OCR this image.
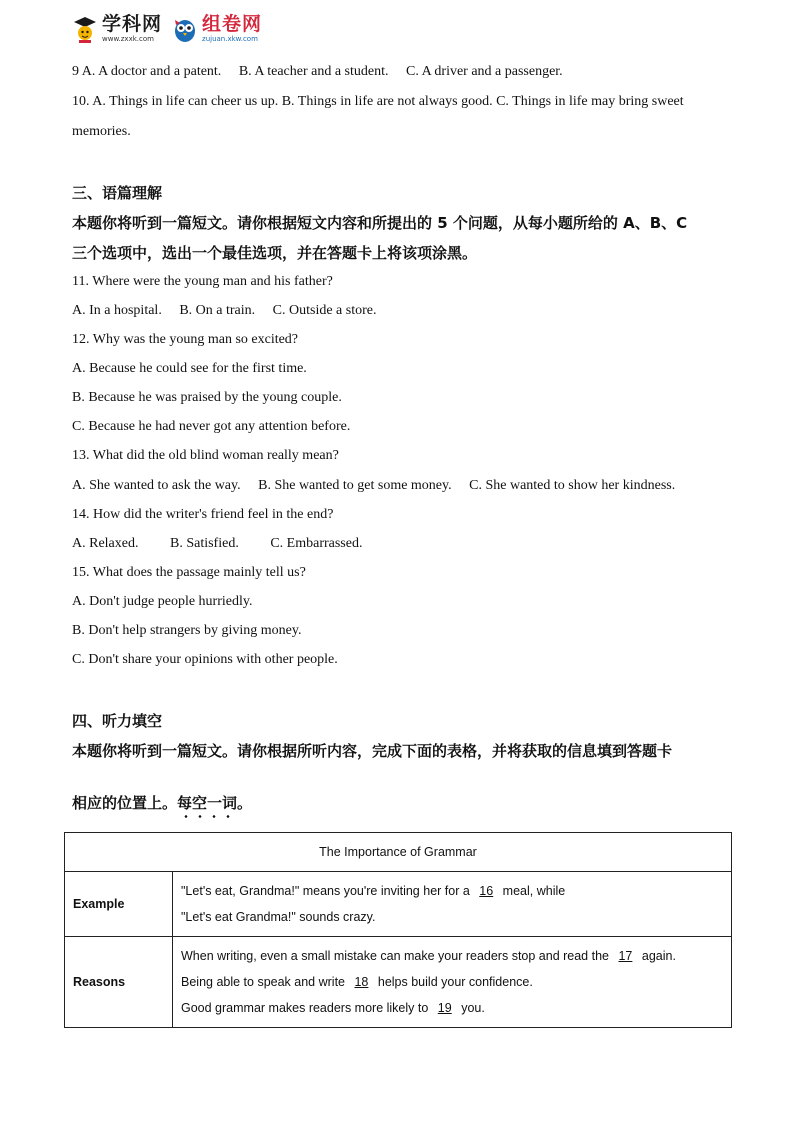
学科网
www.zxxk.com
组卷网
zujuan.xkw.com
9 A. A doctor and a patent. B. A teacher and a student. C. A driver and a passenger.
10. A. Things in life can cheer us up. B. Things in life are not always good. C. Things in life may bring sweet
memories.
三、语篇理解
本题你将听到一篇短文。请你根据短文内容和所提出的 5 个问题，从每小题所给的 A、B、C
三个选项中，选出一个最佳选项，并在答题卡上将该项涂黑。
11. Where were the young man and his father?
A. In a hospital. B. On a train. C. Outside a store.
12. Why was the young man so excited?
A. Because he could see for the first time.
B. Because he was praised by the young couple.
C. Because he had never got any attention before.
13. What did the old blind woman really mean?
A. She wanted to ask the way. B. She wanted to get some money. C. She wanted to show her kindness.
14. How did the writer's friend feel in the end?
A. Relaxed. B. Satisfied. C. Embarrassed.
15. What does the passage mainly tell us?
A. Don't judge people hurriedly.
B. Don't help strangers by giving money.
C. Don't share your opinions with other people.
四、听力填空
本题你将听到一篇短文。请你根据所听内容，完成下面的表格，并将获取的信息填到答题卡
相应的位置上。每空一词。
The Importance of Grammar	
Example	"Let's eat, Grandma!" means you're inviting her for a 16 meal, while
"Let's eat Grandma!" sounds crazy.

Reasons	When writing, even a small mistake can make your readers stop and read the 17 again.
Being able to speak and write 18 helps build your confidence.
Good grammar makes readers more likely to 19 you.
